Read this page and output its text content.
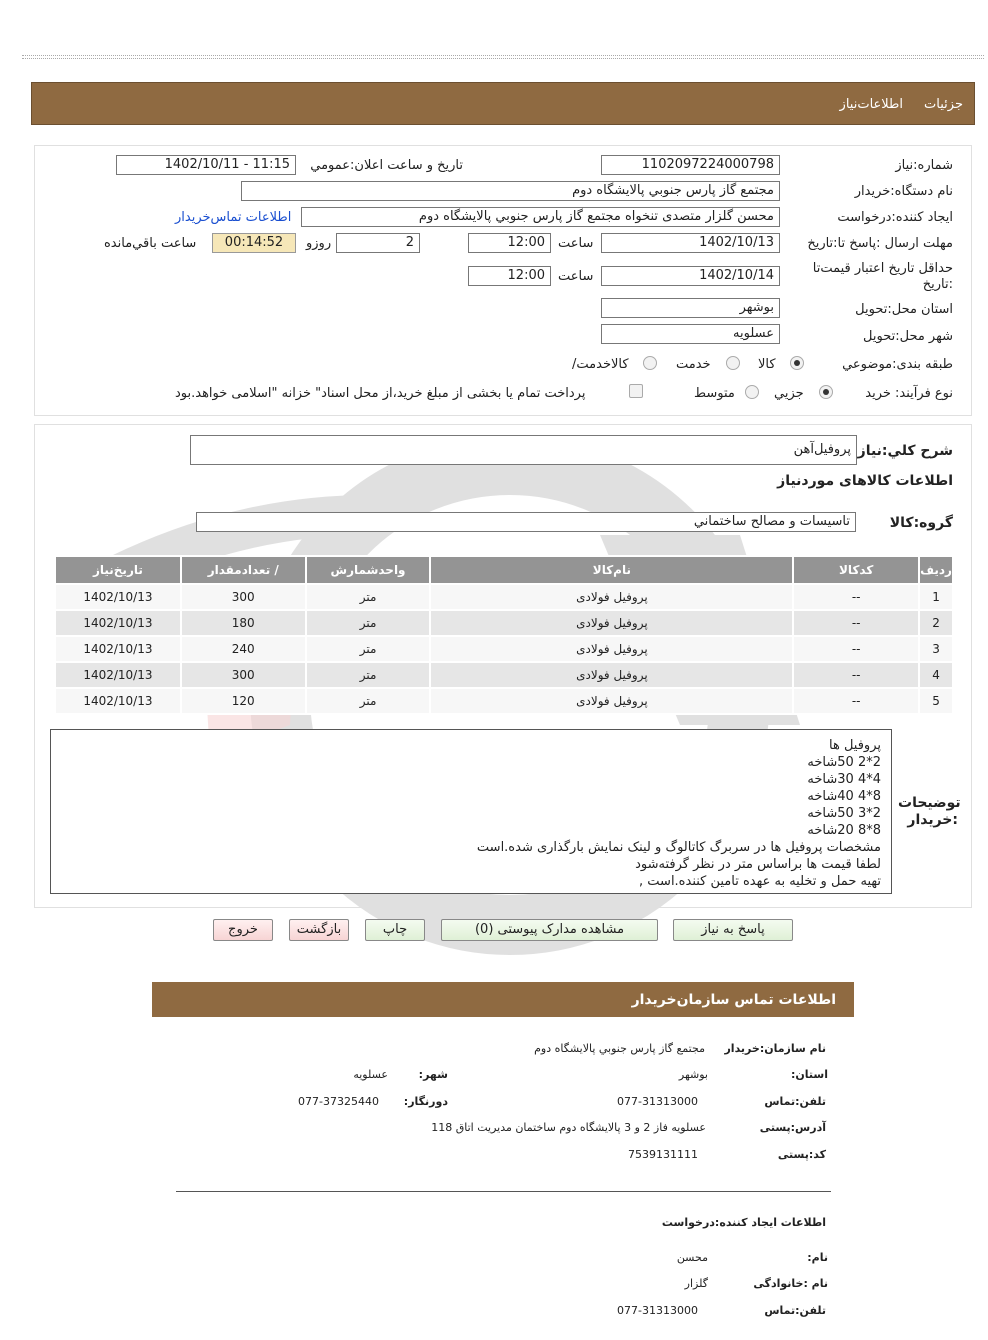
جزئيات
اطلاعات‌نياز
شماره:نياز
1102097224000798
تاريخ و ساعت اعلان:عمومي
1402/10/11 - 11:15
نام دستگاه:خريدار
مجتمع گاز پارس جنوبي پالايشگاه دوم
ايجاد کننده:درخواست
محسن گلزار متصدی تنخواه مجتمع گاز پارس جنوبي پالايشگاه دوم
اطلاعات تماس‌خريدار
مهلت ارسال :پاسخ تا:تاريخ
1402/10/13
ساعت
12:00
2
روزو
00:14:52
ساعت باقي‌مانده
حداقل تاريخ اعتبار قيمت‌تا :تاريخ
1402/10/14
ساعت
12:00
استان محل:تحويل
بوشهر
شهر محل:تحويل
عسلويه
طبقه بندی:موضوعي
کالا
خدمت
/کالاخدمت
نوع فرآيند: خريد
جزيي
متوسط
پرداخت تمام يا بخشی از مبلغ خريد،از محل اسناد" خزانه "اسلامی خواهد.بود
شرح کلي:نياز
پروفيل‌آهن
اطلاعات کالاهای مورد‌نياز
گروه:کالا
تاسيسات و مصالح ساختماني
رديف	کدکالا	نام‌کالا	واحدشمارش	/ تعدادمقدار	تاريخ‌نياز
1	--	پروفيل فولادی	متر	300	1402/10/13
2	--	پروفيل فولادی	متر	180	1402/10/13
3	--	پروفيل فولادی	متر	240	1402/10/13
4	--	پروفيل فولادی	متر	300	1402/10/13
5	--	پروفيل فولادی	متر	120	1402/10/13
توضيحات :خريدار
پروفيل ها
2*2 50شاخه
4*4 30شاخه
8*4 40شاخه
2*3 50شاخه
8*8 20شاخه
مشخصات پروفيل ها در سربرگ کاتالوگ و لينک نمايش بارگذاری شده.است
لطفا قيمت ها براساس متر در نظر گرفته‌شود
تهيه حمل و تخليه به عهده تامين کننده.است ,
پاسخ به نياز
مشاهده مدارک پيوستی (0)
چاپ
بازگشت
خروج
اطلاعات تماس سازمان‌خريدار
نام سازمان:خريدار
مجتمع گاز پارس جنوبي پالايشگاه دوم
:استان
بوشهر
:شهر
عسلويه
تلفن:تماس
077-31313000
:دورنگار
077-37325440
آدرس:پستی
عسلويه فاز 2 و 3 پالايشگاه دوم ساختمان مديريت اتاق 118
کد:پستی
7539131111
اطلاعات ايجاد کننده:درخواست
:نام
محسن
نام :خانوادگی
گلزار
تلفن:تماس
077-31313000
